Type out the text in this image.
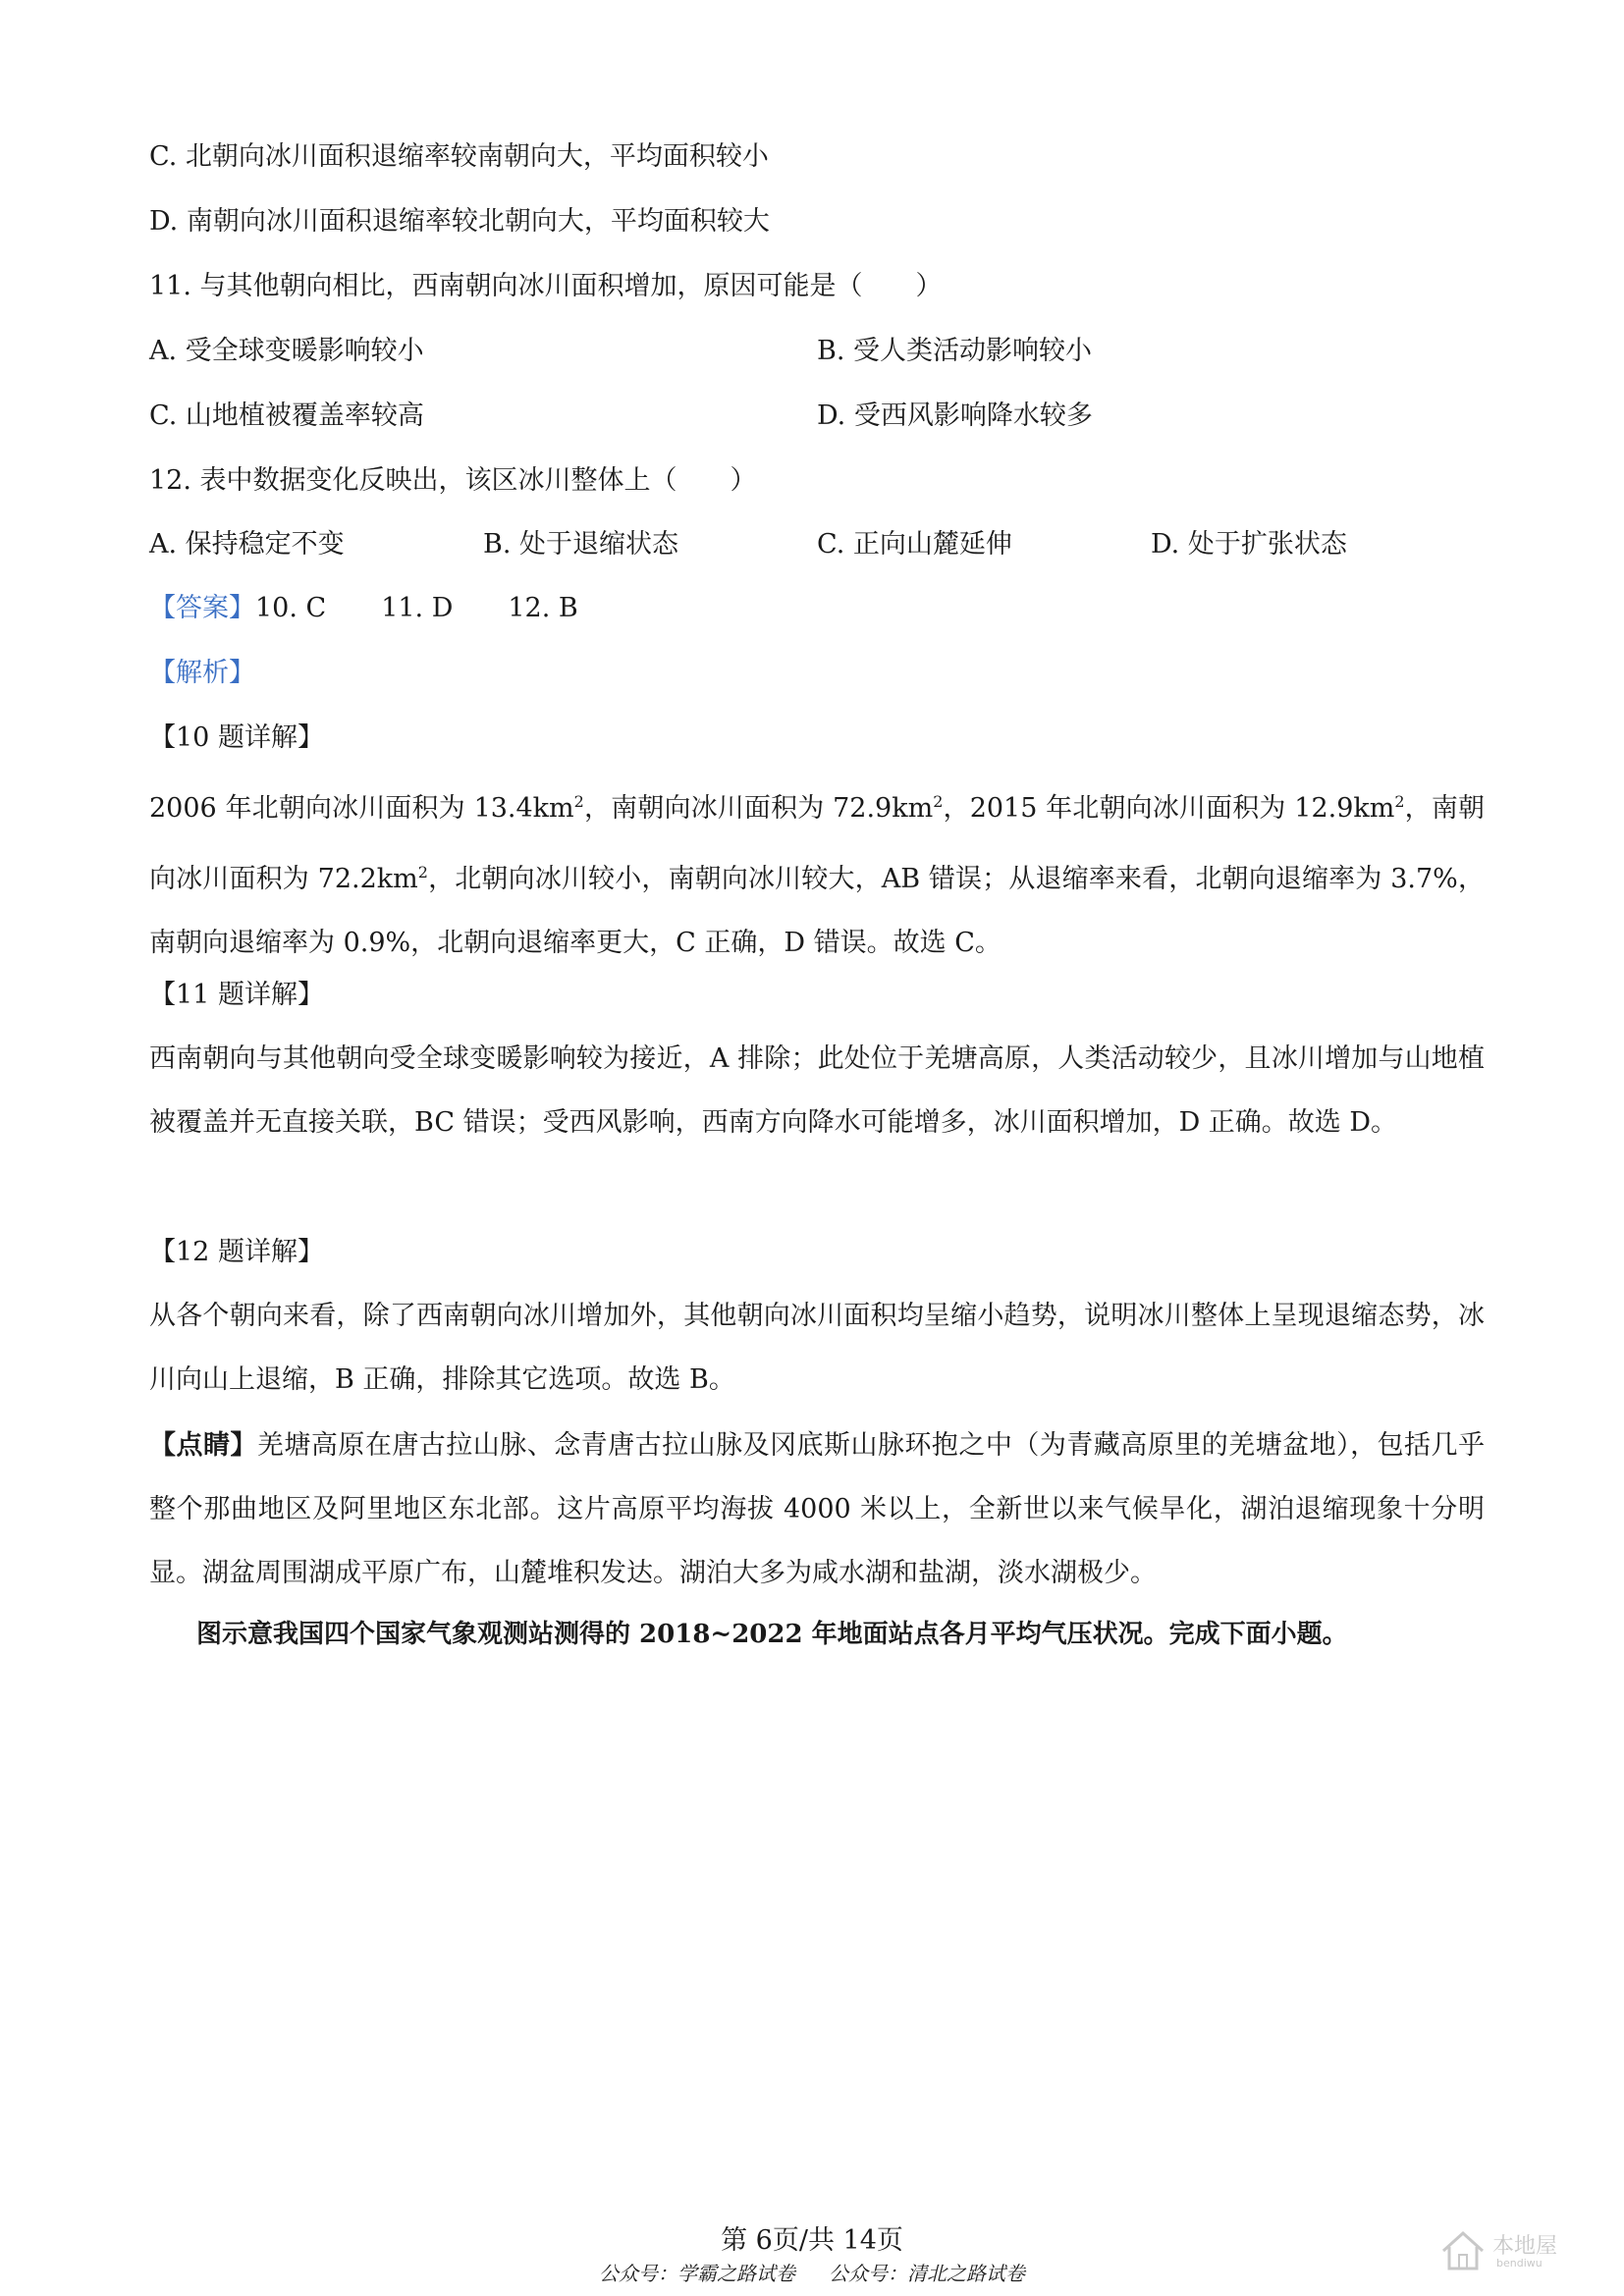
C. 北朝向冰川面积退缩率较南朝向大，平均面积较小
D. 南朝向冰川面积退缩率较北朝向大，平均面积较大
11. 与其他朝向相比，西南朝向冰川面积增加，原因可能是（　　）
A. 受全球变暖影响较小	B. 受人类活动影响较小
C. 山地植被覆盖率较高	D. 受西风影响降水较多
12. 表中数据变化反映出，该区冰川整体上（　　）
A. 保持稳定不变	B. 处于退缩状态	C. 正向山麓延伸	D. 处于扩张状态
【答案】10. C 11. D 12. B
【解析】
【10 题详解】
2006 年北朝向冰川面积为 $13.4km^2$，南朝向冰川面积为 $72.9km^2$，2015 年北朝向冰川面积为 $12.9km^2$，南朝向冰川面积为 $72.2km^2$，北朝向冰川较小，南朝向冰川较大，AB 错误；从退缩率来看，北朝向退缩率为 3.7%，南朝向退缩率为 0.9%，北朝向退缩率更大，C 正确，D 错误。故选 C。
【11 题详解】
西南朝向与其他朝向受全球变暖影响较为接近，A 排除；此处位于羌塘高原，人类活动较少，且冰川增加与山地植被覆盖并无直接关联，BC 错误；受西风影响，西南方向降水可能增多，冰川面积增加，D 正确。故选 D。
【12 题详解】
从各个朝向来看，除了西南朝向冰川增加外，其他朝向冰川面积均呈缩小趋势，说明冰川整体上呈现退缩态势，冰川向山上退缩，B 正确，排除其它选项。故选 B。
【点睛】羌塘高原在唐古拉山脉、念青唐古拉山脉及冈底斯山脉环抱之中（为青藏高原里的羌塘盆地），包括几乎整个那曲地区及阿里地区东北部。这片高原平均海拔 4000 米以上，全新世以来气候旱化，湖泊退缩现象十分明显。湖盆周围湖成平原广布，山麓堆积发达。湖泊大多为咸水湖和盐湖，淡水湖极少。
图示意我国四个国家气象观测站测得的 2018~2022 年地面站点各月平均气压状况。完成下面小题。
第 6页/共 14页
公众号：学霸之路试卷 公众号：清北之路试卷
本地屋
bendiwu
